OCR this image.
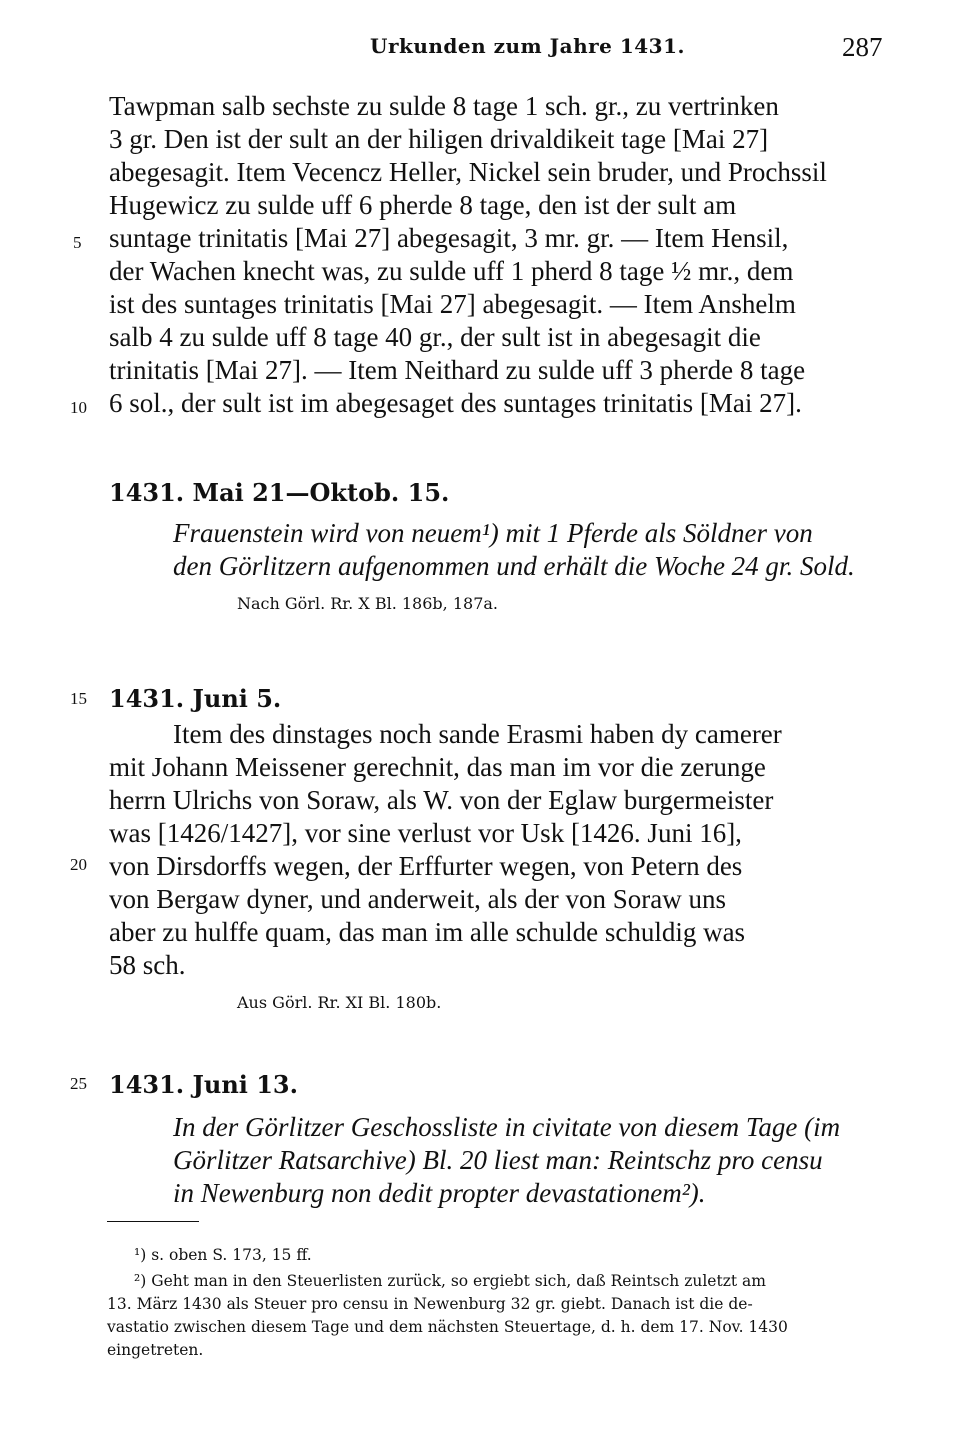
Urkunden zum Jahre 1431.	287
Tawpman salb sechste zu sulde 8 tage 1 sch. gr., zu vertrinken
3 gr. Den ist der sult an der hiligen drivaldikeit tage [Mai 27]
abegesagit. Item Vecencz Heller, Nickel sein bruder, und Prochssil
Hugewicz zu sulde uff 6 pherde 8 tage, den ist der sult am
suntage trinitatis [Mai 27] abegesagit, 3 mr. gr. — Item Hensil,
der Wachen knecht was, zu sulde uff 1 pherd 8 tage ½ mr., dem
ist des suntages trinitatis [Mai 27] abegesagit. — Item Anshelm
salb 4 zu sulde uff 8 tage 40 gr., der sult ist in abegesagit die
trinitatis [Mai 27]. — Item Neithard zu sulde uff 3 pherde 8 tage
6 sol., der sult ist im abegesaget des suntages trinitatis [Mai 27].
5
10
15
20
25
1431. Mai 21—Oktob. 15.
Frauenstein wird von neuem¹) mit 1 Pferde als Söldner von
den Görlitzern aufgenommen und erhält die Woche 24 gr. Sold.
Nach Görl. Rr. X Bl. 186b, 187a.
1431. Juni 5.
Item des dinstages noch sande Erasmi haben dy camerer
mit Johann Meissener gerechnit, das man im vor die zerunge
herrn Ulrichs von Soraw, als W. von der Eglaw burgermeister
was [1426/1427], vor sine verlust vor Usk [1426. Juni 16],
von Dirsdorffs wegen, der Erffurter wegen, von Petern des
von Bergaw dyner, und anderweit, als der von Soraw uns
aber zu hulffe quam, das man im alle schulde schuldig was
58 sch.
Aus Görl. Rr. XI Bl. 180b.
1431. Juni 13.
In der Görlitzer Geschossliste in civitate von diesem Tage (im
Görlitzer Ratsarchive) Bl. 20 liest man: Reintschz pro censu
in Newenburg non dedit propter devastationem²).
¹) s. oben S. 173, 15 ff.
²) Geht man in den Steuerlisten zurück, so ergiebt sich, daß Reintsch zuletzt am
13. März 1430 als Steuer pro censu in Newenburg 32 gr. giebt. Danach ist die de-
vastatio zwischen diesem Tage und dem nächsten Steuertage, d. h. dem 17. Nov. 1430
eingetreten.
